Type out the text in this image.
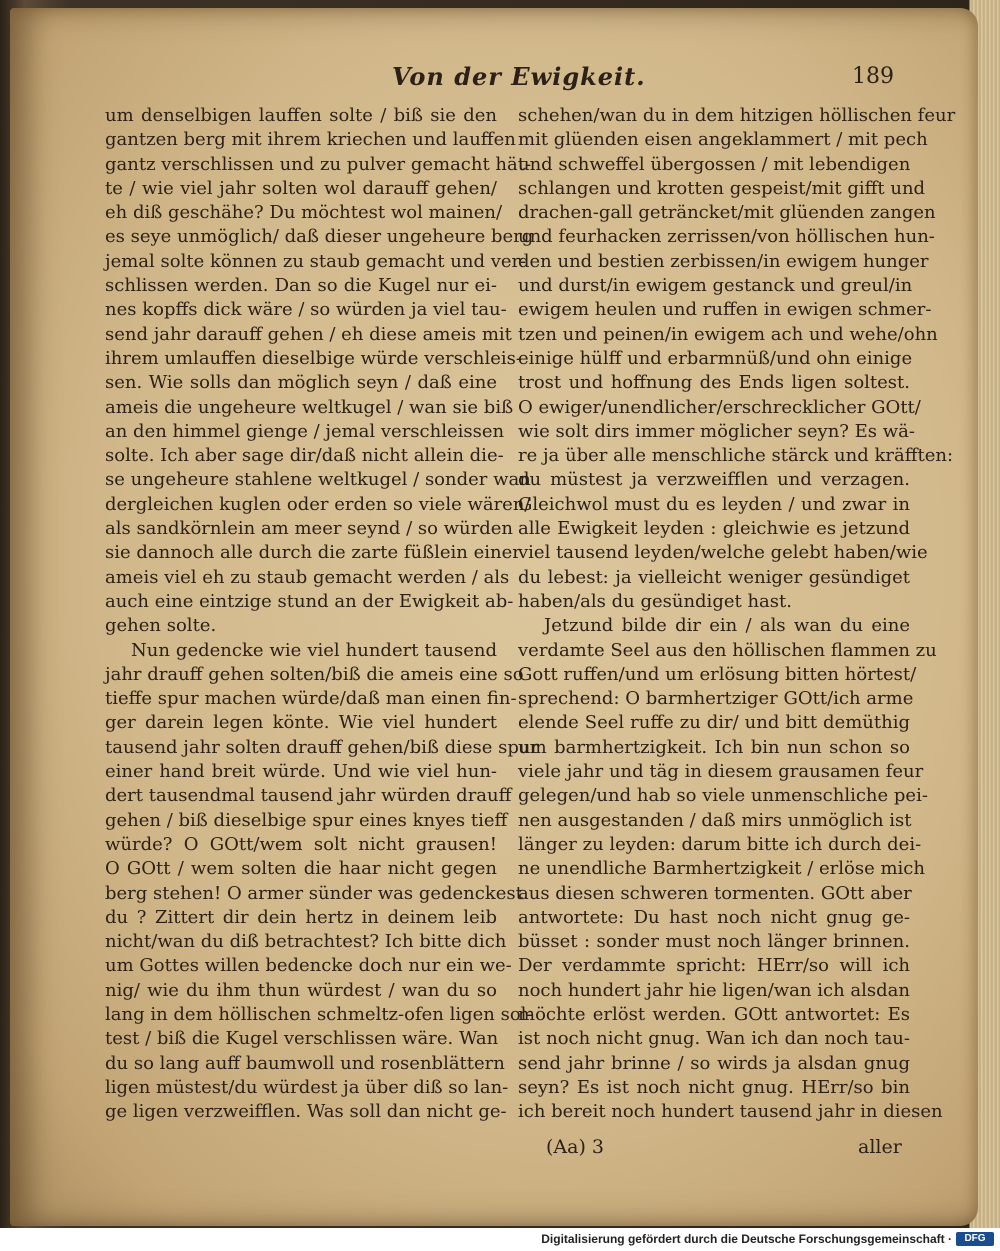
Von der Ewigkeit.	189

um denselbigen lauffen solte / biß sie den
gantzen berg mit ihrem kriechen und lauffen
gantz verschlissen und zu pulver gemacht hät-
te / wie viel jahr solten wol darauff gehen/
eh diß geschähe? Du möchtest wol mainen/
es seye unmöglich/ daß dieser ungeheure berg
jemal solte können zu staub gemacht und ver-
schlissen werden. Dan so die Kugel nur ei-
nes kopffs dick wäre / so würden ja viel tau-
send jahr darauff gehen / eh diese ameis mit
ihrem umlauffen dieselbige würde verschleis-
sen. Wie solls dan möglich seyn / daß eine
ameis die ungeheure weltkugel / wan sie biß
an den himmel gienge / jemal verschleissen
solte. Ich aber sage dir/daß nicht allein die-
se ungeheure stahlene weltkugel / sonder wan
dergleichen kuglen oder erden so viele wären/
als sandkörnlein am meer seynd / so würden
sie dannoch alle durch die zarte füßlein einer
ameis viel eh zu staub gemacht werden / als
auch eine eintzige stund an der Ewigkeit ab-
gehen solte.
Nun gedencke wie viel hundert tausend
jahr drauff gehen solten/biß die ameis eine so
tieffe spur machen würde/daß man einen fin-
ger darein legen könte. Wie viel hundert
tausend jahr solten drauff gehen/biß diese spur
einer hand breit würde. Und wie viel hun-
dert tausendmal tausend jahr würden drauff
gehen / biß dieselbige spur eines knyes tieff
würde? O GOtt/wem solt nicht grausen!
O GOtt / wem solten die haar nicht gegen
berg stehen! O armer sünder was gedenckest
du ? Zittert dir dein hertz in deinem leib
nicht/wan du diß betrachtest? Ich bitte dich
um Gottes willen bedencke doch nur ein we-
nig/ wie du ihm thun würdest / wan du so
lang in dem höllischen schmeltz-ofen ligen sol-
test / biß die Kugel verschlissen wäre. Wan
du so lang auff baumwoll und rosenblättern
ligen müstest/du würdest ja über diß so lan-
ge ligen verzweifflen. Was soll dan nicht ge-
schehen/wan du in dem hitzigen höllischen feur
mit glüenden eisen angeklammert / mit pech
und schweffel übergossen / mit lebendigen
schlangen und krotten gespeist/mit gifft und
drachen-gall geträncket/mit glüenden zangen
und feurhacken zerrissen/von höllischen hun-
den und bestien zerbissen/in ewigem hunger
und durst/in ewigem gestanck und greul/in
ewigem heulen und ruffen in ewigen schmer-
tzen und peinen/in ewigem ach und wehe/ohn
einige hülff und erbarmnüß/und ohn einige
trost und hoffnung des Ends ligen soltest.
O ewiger/unendlicher/erschrecklicher GOtt/
wie solt dirs immer möglicher seyn? Es wä-
re ja über alle menschliche stärck und kräfften:
du müstest ja verzweifflen und verzagen.
Gleichwol must du es leyden / und zwar in
alle Ewigkeit leyden : gleichwie es jetzund
viel tausend leyden/welche gelebt haben/wie
du lebest: ja vielleicht weniger gesündiget
haben/als du gesündiget hast.
Jetzund bilde dir ein / als wan du eine
verdamte Seel aus den höllischen flammen zu
Gott ruffen/und um erlösung bitten hörtest/
sprechend: O barmhertziger GOtt/ich arme
elende Seel ruffe zu dir/ und bitt demüthig
um barmhertzigkeit. Ich bin nun schon so
viele jahr und täg in diesem grausamen feur
gelegen/und hab so viele unmenschliche pei-
nen ausgestanden / daß mirs unmöglich ist
länger zu leyden: darum bitte ich durch dei-
ne unendliche Barmhertzigkeit / erlöse mich
aus diesen schweren tormenten. GOtt aber
antwortete: Du hast noch nicht gnug ge-
büsset : sonder must noch länger brinnen.
Der verdammte spricht: HErr/so will ich
noch hundert jahr hie ligen/wan ich alsdan
möchte erlöst werden. GOtt antwortet: Es
ist noch nicht gnug. Wan ich dan noch tau-
send jahr brinne / so wirds ja alsdan gnug
seyn? Es ist noch nicht gnug. HErr/so bin
ich bereit noch hundert tausend jahr in diesen

(Aa) 3	aller

Digitalisierung gefördert durch die Deutsche Forschungsgemeinschaft ·	DFG
